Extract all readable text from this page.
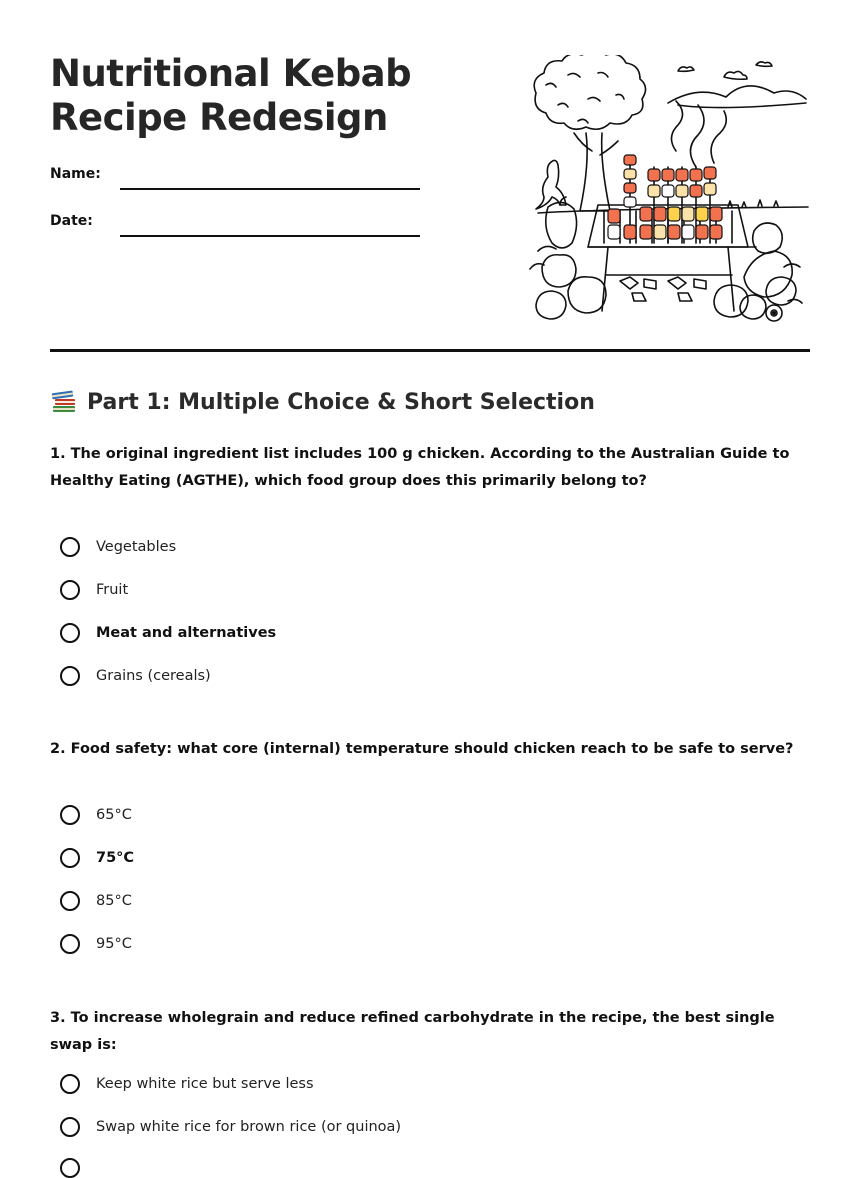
Nutritional Kebab
Recipe Redesign
Name:
Date:
Part 1: Multiple Choice & Short Selection
1. The original ingredient list includes 100 g chicken. According to the Australian Guide to Healthy Eating (AGTHE), which food group does this primarily belong to?
Vegetables
Fruit
Meat and alternatives
Grains (cereals)
2. Food safety: what core (internal) temperature should chicken reach to be safe to serve?
65°C
75°C
85°C
95°C
3. To increase wholegrain and reduce refined carbohydrate in the recipe, the best single swap is:
Keep white rice but serve less
Swap white rice for brown rice (or quinoa)
